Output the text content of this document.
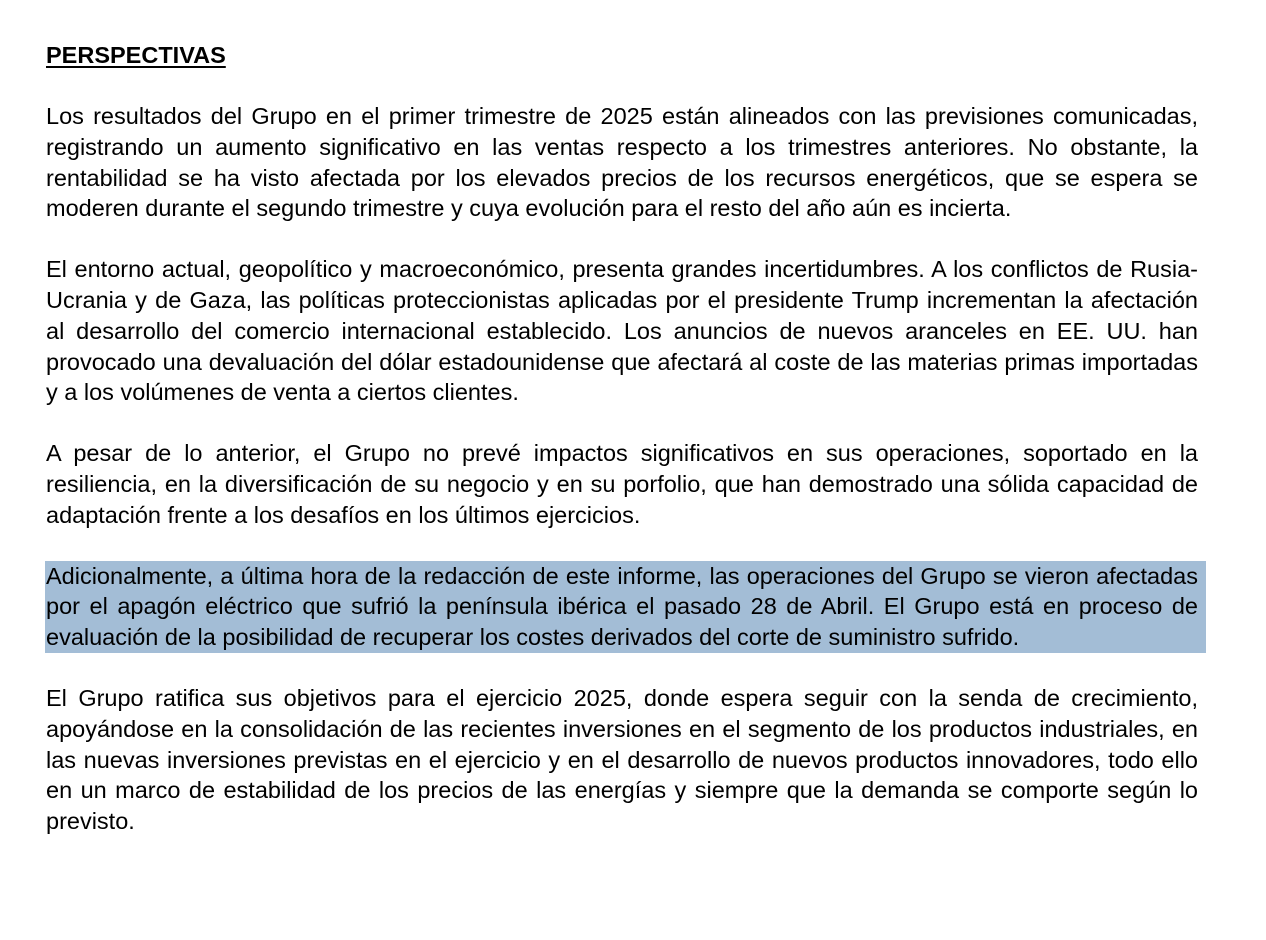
PERSPECTIVAS

Los resultados del Grupo en el primer trimestre de 2025 están alineados con las previsiones comunicadas, registrando un aumento significativo en las ventas respecto a los trimestres anteriores. No obstante, la rentabilidad se ha visto afectada por los elevados precios de los recursos energéticos, que se espera se moderen durante el segundo trimestre y cuya evolución para el resto del año aún es incierta.

El entorno actual, geopolítico y macroeconómico, presenta grandes incertidumbres. A los conflictos de Rusia-Ucrania y de Gaza, las políticas proteccionistas aplicadas por el presidente Trump incrementan la afectación al desarrollo del comercio internacional establecido. Los anuncios de nuevos aranceles en EE. UU. han provocado una devaluación del dólar estadounidense que afectará al coste de las materias primas importadas y a los volúmenes de venta a ciertos clientes.

A pesar de lo anterior, el Grupo no prevé impactos significativos en sus operaciones, soportado en la resiliencia, en la diversificación de su negocio y en su porfolio, que han demostrado una sólida capacidad de adaptación frente a los desafíos en los últimos ejercicios.

Adicionalmente, a última hora de la redacción de este informe, las operaciones del Grupo se vieron afectadas por el apagón eléctrico que sufrió la península ibérica el pasado 28 de Abril. El Grupo está en proceso de evaluación de la posibilidad de recuperar los costes derivados del corte de suministro sufrido.

El Grupo ratifica sus objetivos para el ejercicio 2025, donde espera seguir con la senda de crecimiento, apoyándose en la consolidación de las recientes inversiones en el segmento de los productos industriales, en las nuevas inversiones previstas en el ejercicio y en el desarrollo de nuevos productos innovadores, todo ello en un marco de estabilidad de los precios de las energías y siempre que la demanda se comporte según lo previsto.
